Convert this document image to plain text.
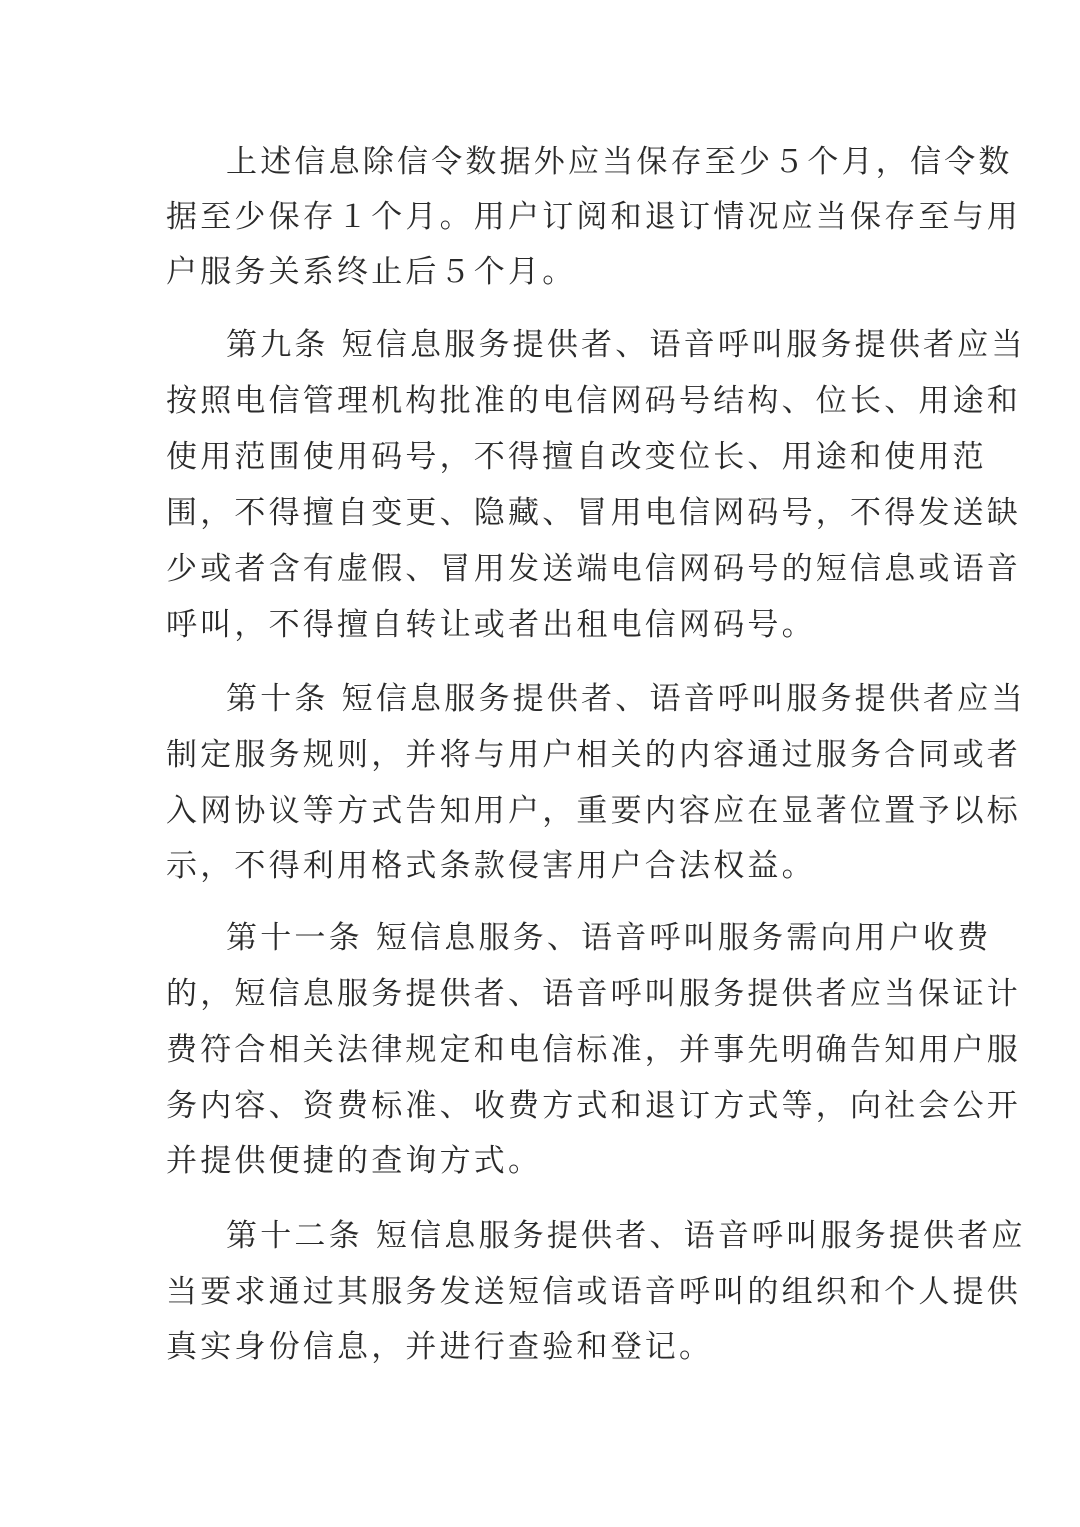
上述信息除信令数据外应当保存至少５个月，信令数
据至少保存１个月。用户订阅和退订情况应当保存至与用
户服务关系终止后５个月。
第九条 短信息服务提供者、语音呼叫服务提供者应当
按照电信管理机构批准的电信网码号结构、位长、用途和
使用范围使用码号，不得擅自改变位长、用途和使用范
围，不得擅自变更、隐藏、冒用电信网码号，不得发送缺
少或者含有虚假、冒用发送端电信网码号的短信息或语音
呼叫，不得擅自转让或者出租电信网码号。
第十条 短信息服务提供者、语音呼叫服务提供者应当
制定服务规则，并将与用户相关的内容通过服务合同或者
入网协议等方式告知用户，重要内容应在显著位置予以标
示，不得利用格式条款侵害用户合法权益。
第十一条 短信息服务、语音呼叫服务需向用户收费
的，短信息服务提供者、语音呼叫服务提供者应当保证计
费符合相关法律规定和电信标准，并事先明确告知用户服
务内容、资费标准、收费方式和退订方式等，向社会公开
并提供便捷的查询方式。
第十二条 短信息服务提供者、语音呼叫服务提供者应
当要求通过其服务发送短信或语音呼叫的组织和个人提供
真实身份信息，并进行查验和登记。
